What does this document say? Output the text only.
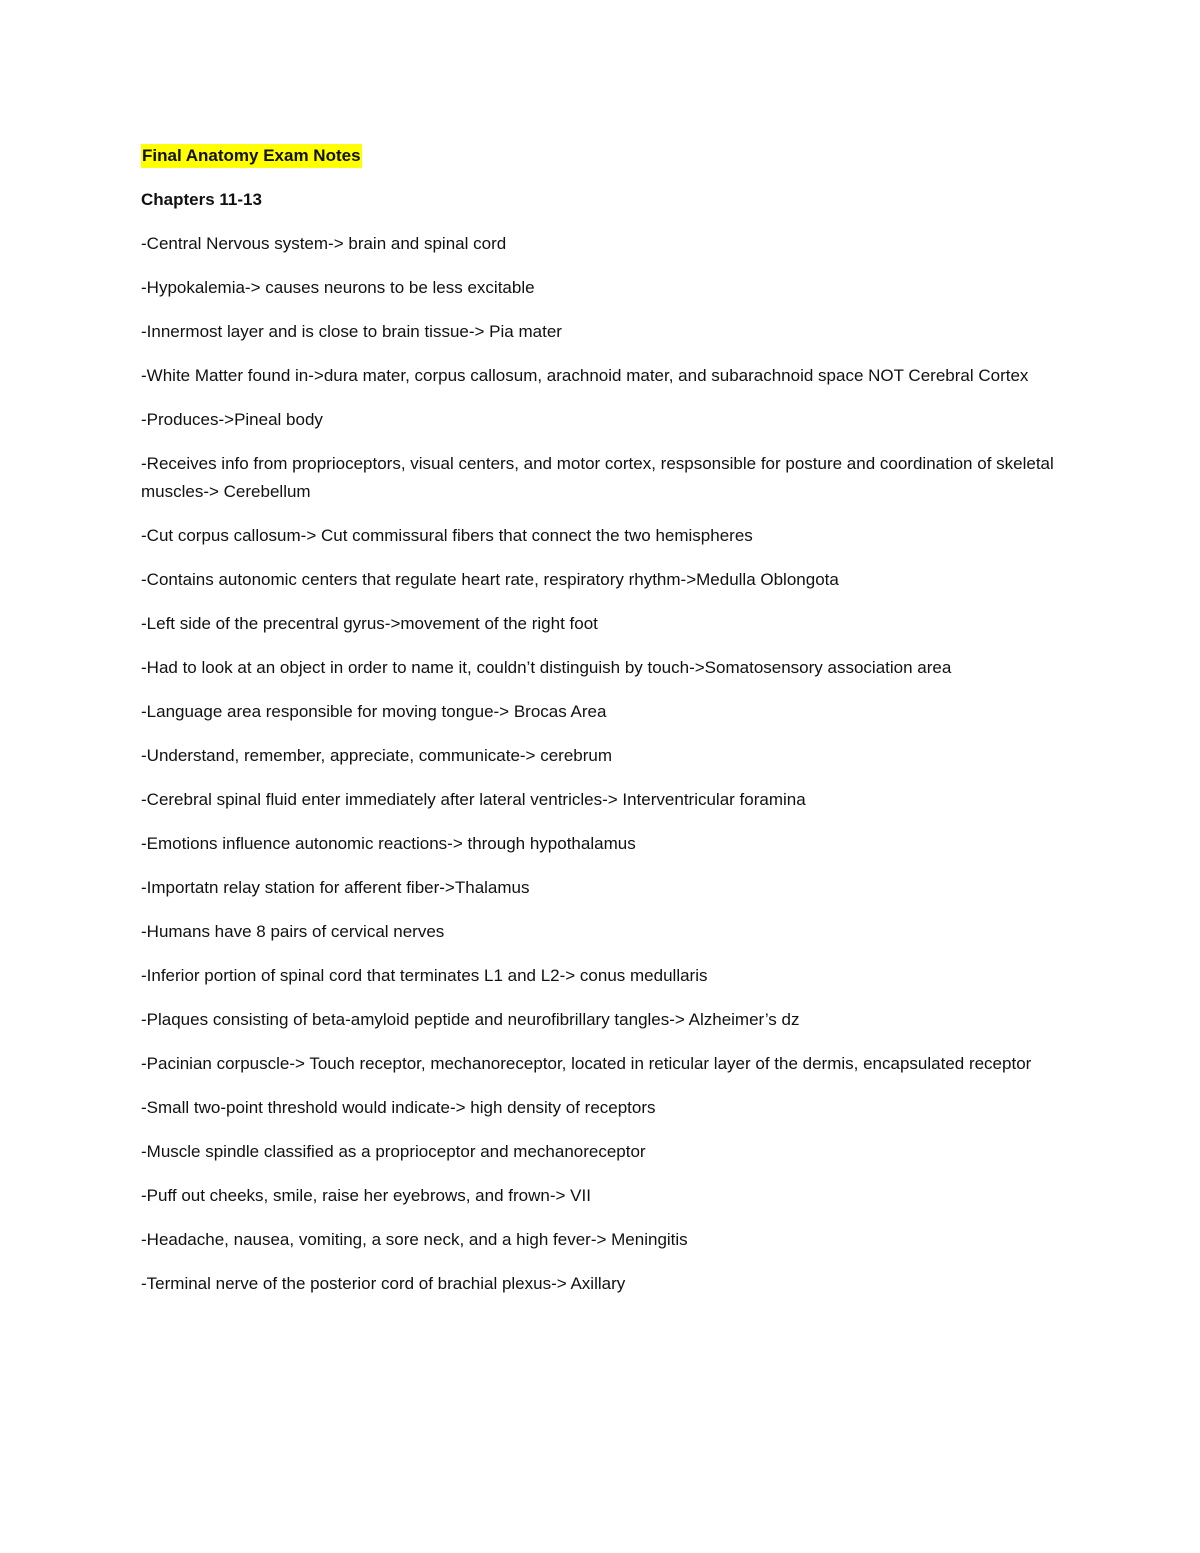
Final Anatomy Exam Notes

Chapters 11-13

-Central Nervous system-> brain and spinal cord
-Hypokalemia-> causes neurons to be less excitable
-Innermost layer and is close to brain tissue-> Pia mater
-White Matter found in->dura mater, corpus callosum, arachnoid mater, and subarachnoid space NOT Cerebral Cortex
-Produces->Pineal body
-Receives info from proprioceptors, visual centers, and motor cortex, respsonsible for posture and coordination of skeletal muscles-> Cerebellum
-Cut corpus callosum-> Cut commissural fibers that connect the two hemispheres
-Contains autonomic centers that regulate heart rate, respiratory rhythm->Medulla Oblongota
-Left side of the precentral gyrus->movement of the right foot
-Had to look at an object in order to name it, couldn’t distinguish by touch->Somatosensory association area
-Language area responsible for moving tongue-> Brocas Area
-Understand, remember, appreciate, communicate-> cerebrum
-Cerebral spinal fluid enter immediately after lateral ventricles-> Interventricular foramina
-Emotions influence autonomic reactions-> through hypothalamus
-Importatn relay station for afferent fiber->Thalamus
-Humans have 8 pairs of cervical nerves
-Inferior portion of spinal cord that terminates L1 and L2-> conus medullaris
-Plaques consisting of beta-amyloid peptide and neurofibrillary tangles-> Alzheimer’s dz
-Pacinian corpuscle-> Touch receptor, mechanoreceptor, located in reticular layer of the dermis, encapsulated receptor
-Small two-point threshold would indicate-> high density of receptors
-Muscle spindle classified as a proprioceptor and mechanoreceptor
-Puff out cheeks, smile, raise her eyebrows, and frown-> VII
-Headache, nausea, vomiting, a sore neck, and a high fever-> Meningitis
-Terminal nerve of the posterior cord of brachial plexus-> Axillary
